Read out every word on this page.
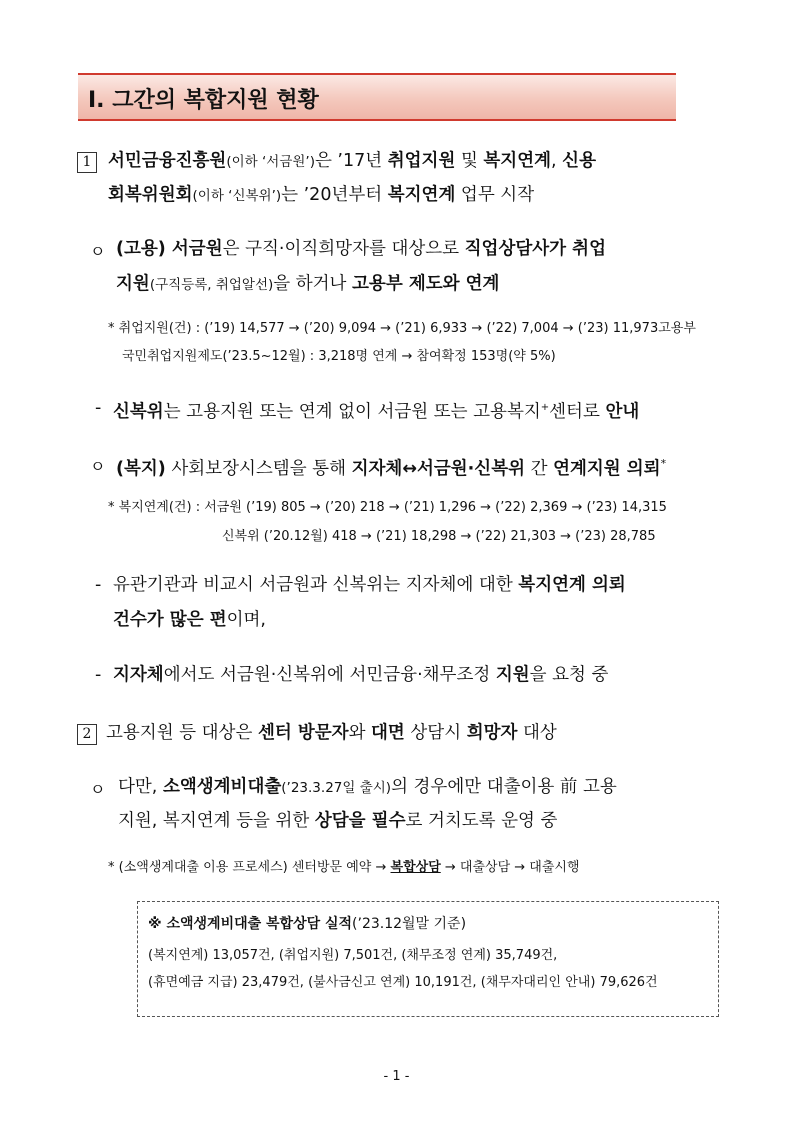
Ⅰ. 그간의 복합지원 현황
1 서민금융진흥원(이하 ‘서금원’)은 ’17년 취업지원 및 복지연계, 신용
회복위원회(이하 ‘신복위’)는 ’20년부터 복지연계 업무 시작
ㅇ (고용) 서금원은 구직·이직희망자를 대상으로 직업상담사가 취업
지원(구직등록, 취업알선)을 하거나 고용부 제도와 연계
* 취업지원(건) : (’19) 14,577 → (’20) 9,094 → (’21) 6,933 → (’22) 7,004 → (’23) 11,973고용부
국민취업지원제도(’23.5~12월) : 3,218명 연계 → 참여확정 153명(약 5%)
- 신복위는 고용지원 또는 연계 없이 서금원 또는 고용복지+센터로 안내
ㅇ (복지) 사회보장시스템을 통해 지자체↔서금원·신복위 간 연계지원 의뢰*
* 복지연계(건) : 서금원 (’19) 805 → (’20) 218 → (’21) 1,296 → (’22) 2,369 → (’23) 14,315
신복위 (’20.12월) 418 → (’21) 18,298 → (’22) 21,303 → (’23) 28,785
- 유관기관과 비교시 서금원과 신복위는 지자체에 대한 복지연계 의뢰
건수가 많은 편이며,
- 지자체에서도 서금원·신복위에 서민금융·채무조정 지원을 요청 중
2 고용지원 등 대상은 센터 방문자와 대면 상담시 희망자 대상
ㅇ 다만, 소액생계비대출(’23.3.27일 출시)의 경우에만 대출이용 前 고용
지원, 복지연계 등을 위한 상담을 필수로 거치도록 운영 중
* (소액생계대출 이용 프로세스) 센터방문 예약 → 복합상담 → 대출상담 → 대출시행
※ 소액생계비대출 복합상담 실적(’23.12월말 기준)
(복지연계) 13,057건, (취업지원) 7,501건, (채무조정 연계) 35,749건,
(휴면예금 지급) 23,479건, (불사금신고 연계) 10,191건, (채무자대리인 안내) 79,626건
- 1 -
